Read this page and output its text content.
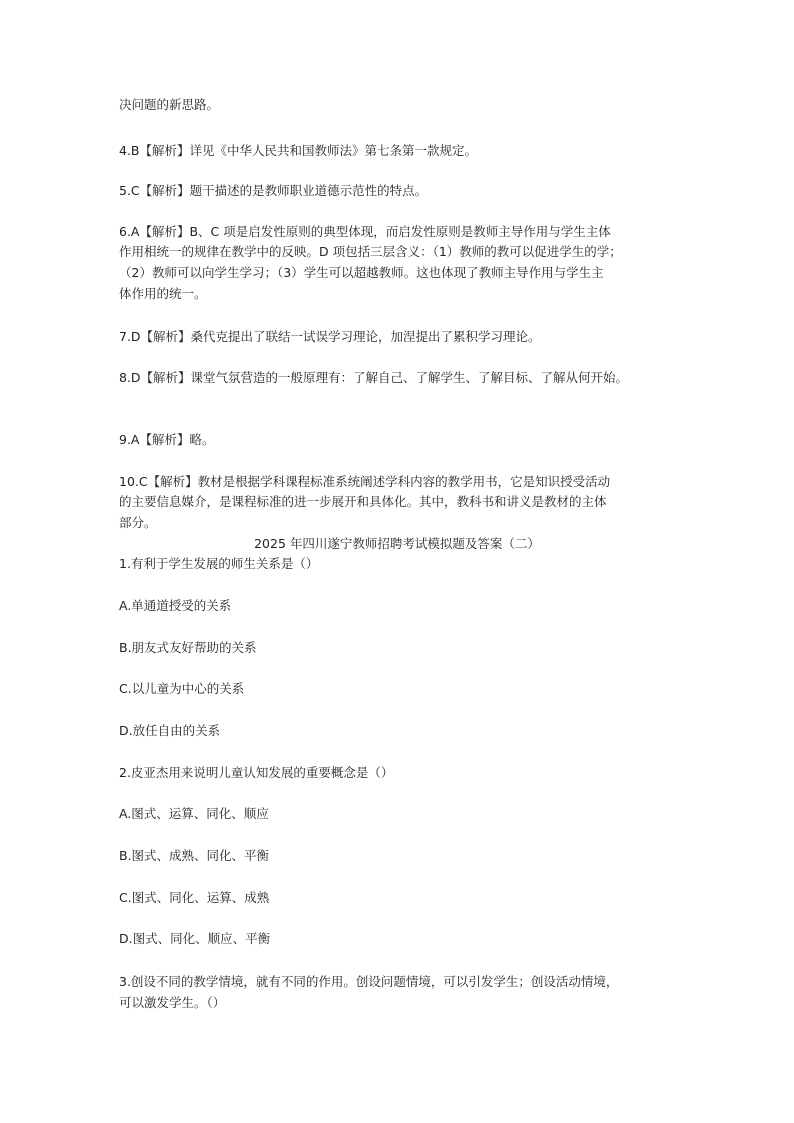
决问题的新思路。
4.B【解析】详见《中华人民共和国教师法》第七条第一款规定。
5.C【解析】题干描述的是教师职业道德示范性的特点。
6.A【解析】B、C 项是启发性原则的典型体现，而启发性原则是教师主导作用与学生主体
作用相统一的规律在教学中的反映。D 项包括三层含义：（1）教师的教可以促进学生的学；
（2）教师可以向学生学习；（3）学生可以超越教师。这也体现了教师主导作用与学生主
体作用的统一。
7.D【解析】桑代克提出了联结一试误学习理论，加涅提出了累积学习理论。
8.D【解析】课堂气氛营造的一般原理有：了解自己、了解学生、了解目标、了解从何开始。
9.A【解析】略。
10.C【解析】教材是根据学科课程标准系统阐述学科内容的教学用书，它是知识授受活动
的主要信息媒介，是课程标准的进一步展开和具体化。其中，教科书和讲义是教材的主体
部分。
2025 年四川遂宁教师招聘考试模拟题及答案（二）
1.有利于学生发展的师生关系是（）
A.单通道授受的关系
B.朋友式友好帮助的关系
C.以儿童为中心的关系
D.放任自由的关系
2.皮亚杰用来说明儿童认知发展的重要概念是（）
A.图式、运算、同化、顺应
B.图式、成熟、同化、平衡
C.图式、同化、运算、成熟
D.图式、同化、顺应、平衡
3.创设不同的教学情境，就有不同的作用。创设问题情境，可以引发学生；创设活动情境，
可以激发学生。（）
